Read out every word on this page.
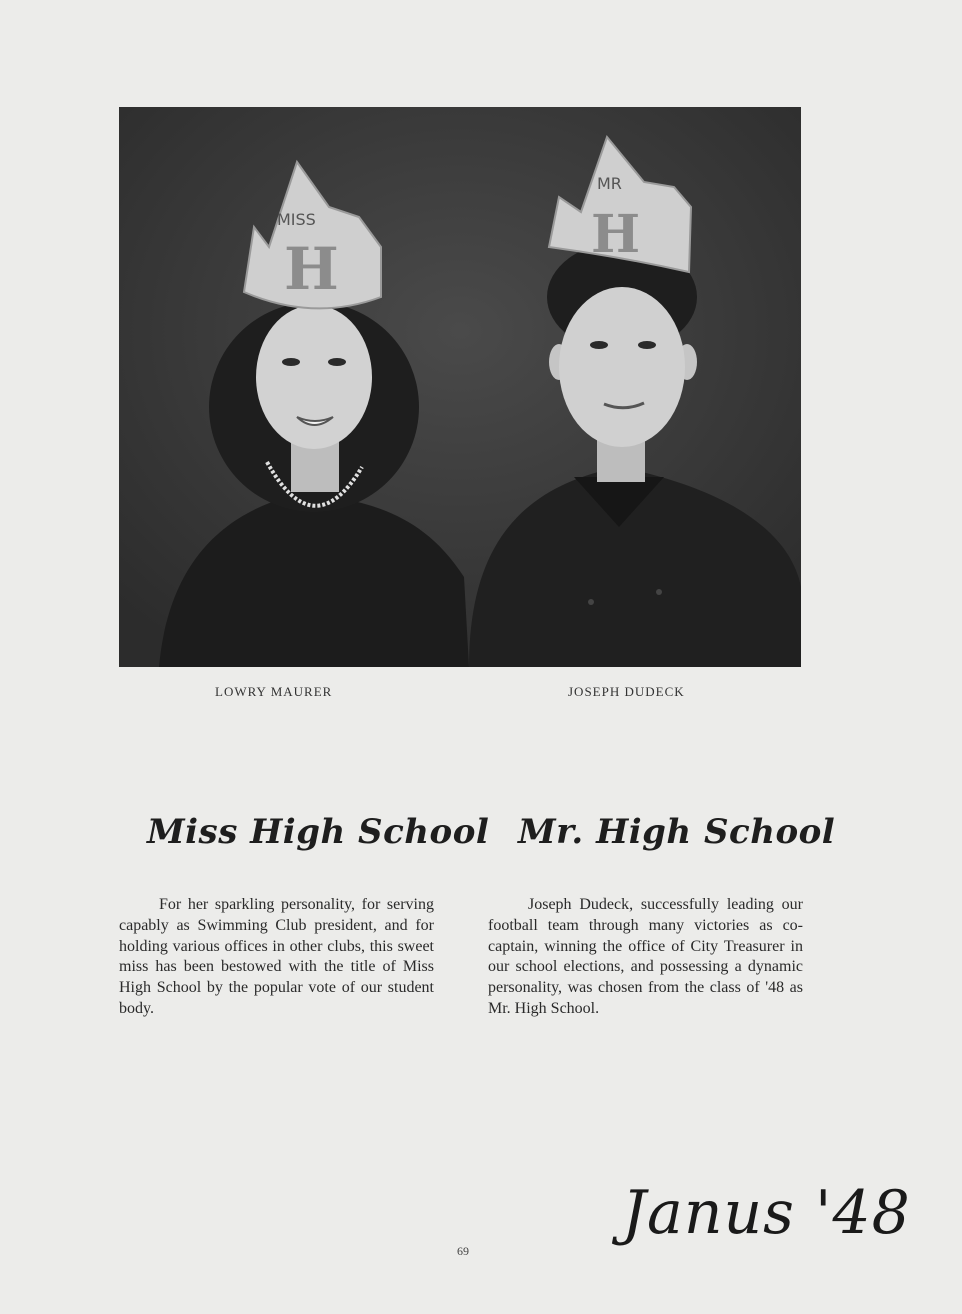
MISS
H
MR
H
LOWRY MAURER	JOSEPH DUDECK
Miss High School Mr. High School
For her sparkling personality, for serving capably as Swimming Club president, and for holding various offices in other clubs, this sweet miss has been bestowed with the title of Miss High School by the popular vote of our student body.
Joseph Dudeck, successfully leading our football team through many victories as co-captain, winning the office of City Treasurer in our school elections, and possessing a dynamic personality, was chosen from the class of '48 as Mr. High School.
Janus '48
69
